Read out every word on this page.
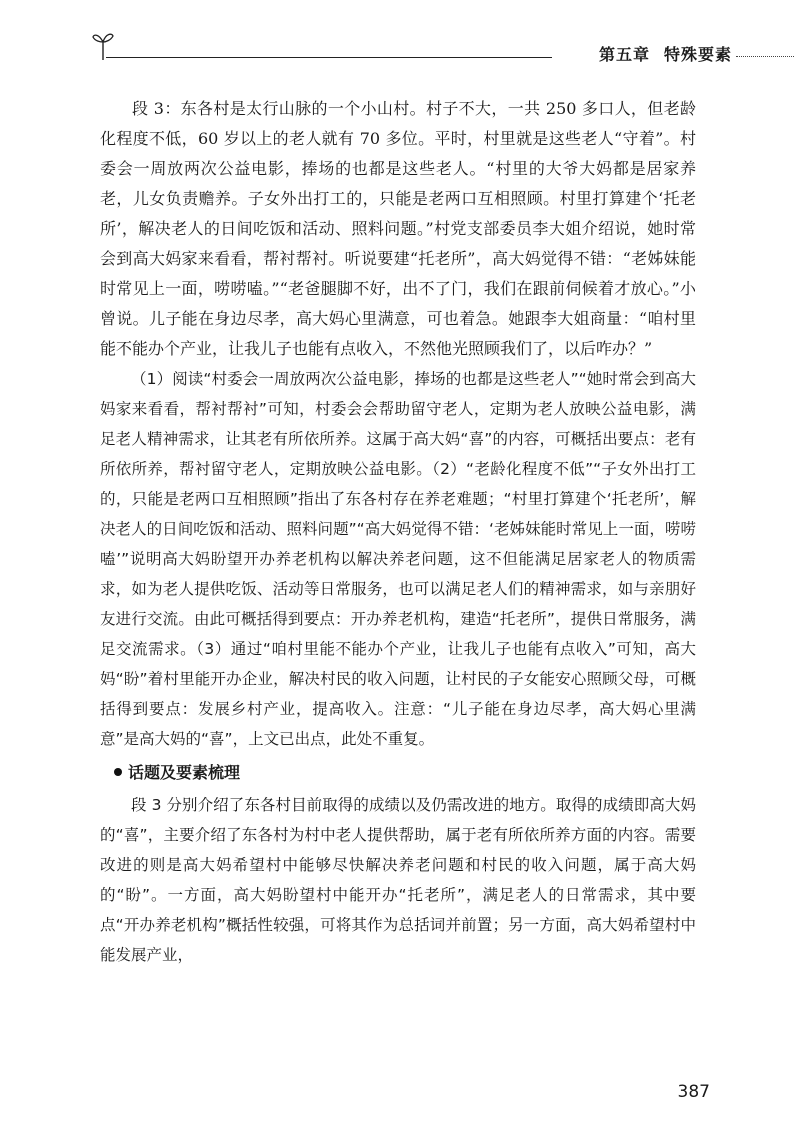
第五章 特殊要素

段 3：东各村是太行山脉的一个小山村。村子不大，一共 250 多口人，但老龄化程度不低，60 岁以上的老人就有 70 多位。平时，村里就是这些老人“守着”。村委会一周放两次公益电影，捧场的也都是这些老人。“村里的大爷大妈都是居家养老，儿女负责赡养。子女外出打工的，只能是老两口互相照顾。村里打算建个‘托老所’，解决老人的日间吃饭和活动、照料问题。”村党支部委员李大姐介绍说，她时常会到高大妈家来看看，帮衬帮衬。听说要建“托老所”，高大妈觉得不错：“老姊妹能时常见上一面，唠唠嗑。”“老爸腿脚不好，出不了门，我们在跟前伺候着才放心。”小曾说。儿子能在身边尽孝，高大妈心里满意，可也着急。她跟李大姐商量：“咱村里能不能办个产业，让我儿子也能有点收入，不然他光照顾我们了，以后咋办？”

（1）阅读“村委会一周放两次公益电影，捧场的也都是这些老人”“她时常会到高大妈家来看看，帮衬帮衬”可知，村委会会帮助留守老人，定期为老人放映公益电影，满足老人精神需求，让其老有所依所养。这属于高大妈“喜”的内容，可概括出要点：老有所依所养，帮衬留守老人，定期放映公益电影。（2）“老龄化程度不低”“子女外出打工的，只能是老两口互相照顾”指出了东各村存在养老难题；“村里打算建个‘托老所’，解决老人的日间吃饭和活动、照料问题”“高大妈觉得不错：‘老姊妹能时常见上一面，唠唠嗑’”说明高大妈盼望开办养老机构以解决养老问题，这不但能满足居家老人的物质需求，如为老人提供吃饭、活动等日常服务，也可以满足老人们的精神需求，如与亲朋好友进行交流。由此可概括得到要点：开办养老机构，建造“托老所”，提供日常服务，满足交流需求。（3）通过“咱村里能不能办个产业，让我儿子也能有点收入”可知，高大妈“盼”着村里能开办企业，解决村民的收入问题，让村民的子女能安心照顾父母，可概括得到要点：发展乡村产业，提高收入。注意：“儿子能在身边尽孝，高大妈心里满意”是高大妈的“喜”，上文已出点，此处不重复。

话题及要素梳理

段 3 分别介绍了东各村目前取得的成绩以及仍需改进的地方。取得的成绩即高大妈的“喜”，主要介绍了东各村为村中老人提供帮助，属于老有所依所养方面的内容。需要改进的则是高大妈希望村中能够尽快解决养老问题和村民的收入问题，属于高大妈的“盼”。一方面，高大妈盼望村中能开办“托老所”，满足老人的日常需求，其中要点“开办养老机构”概括性较强，可将其作为总括词并前置；另一方面，高大妈希望村中能发展产业，

387
